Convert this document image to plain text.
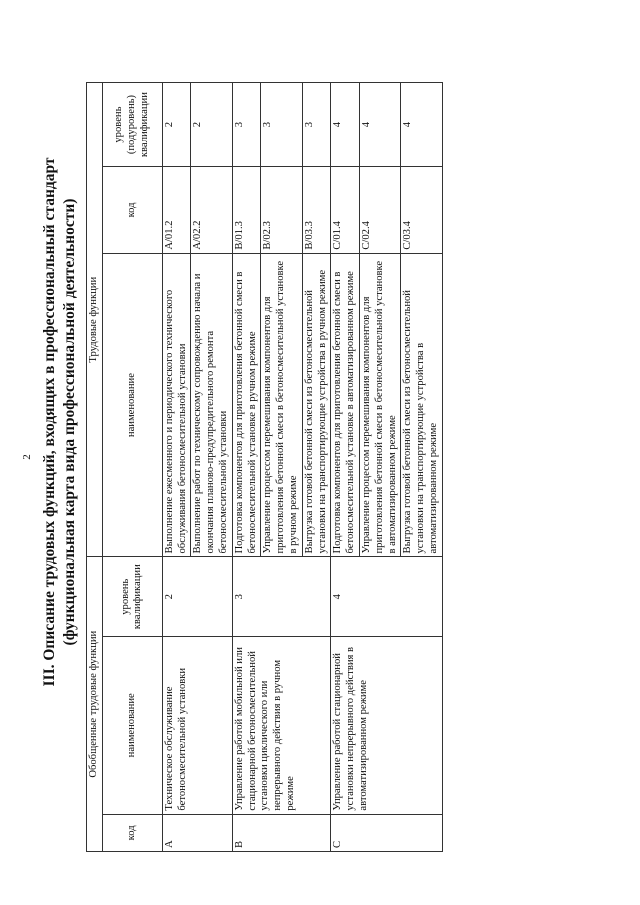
2 III. Описание трудовых функций, входящих в профессиональный стандарт (функциональная карта вида профессиональной деятельности)
Обобщенные трудовые функции			Трудовые функции		
код	наименование	уровень квалификации	наименование	код	уровень (подуровень) квалификации
A	Техническое обслуживание бетоносмесительной установки	2	Выполнение ежесменного и периодического технического обслуживания бетоносмесительной установки	A/01.2	2
			Выполнение работ по техническому сопровождению начала и окончания планово-предупредительного ремонта бетоносмесительной установки	A/02.2	2
B	Управление работой мобильной или стационарной бетоносмесительной установки циклического или непрерывного действия в ручном режиме	3	Подготовка компонентов для приготовления бетонной смеси в бетоносмесительной установке в ручном режиме	B/01.3	3
			Управление процессом перемешивания компонентов для приготовления бетонной смеси в бетоносмесительной установке в ручном режиме	B/02.3	3
			Выгрузка готовой бетонной смеси из бетоносмесительной установки на транспортирующие устройства в ручном режиме	B/03.3	3
C	Управление работой стационарной установки непрерывного действия в автоматизированном режиме	4	Подготовка компонентов для приготовления бетонной смеси в бетоносмесительной установке в автоматизированном режиме	C/01.4	4
			Управление процессом перемешивания компонентов для приготовления бетонной смеси в бетоносмесительной установке в автоматизированном режиме	C/02.4	4
			Выгрузка готовой бетонной смеси из бетоносмесительной установки на транспортирующие устройства в автоматизированном режиме	C/03.4	4
